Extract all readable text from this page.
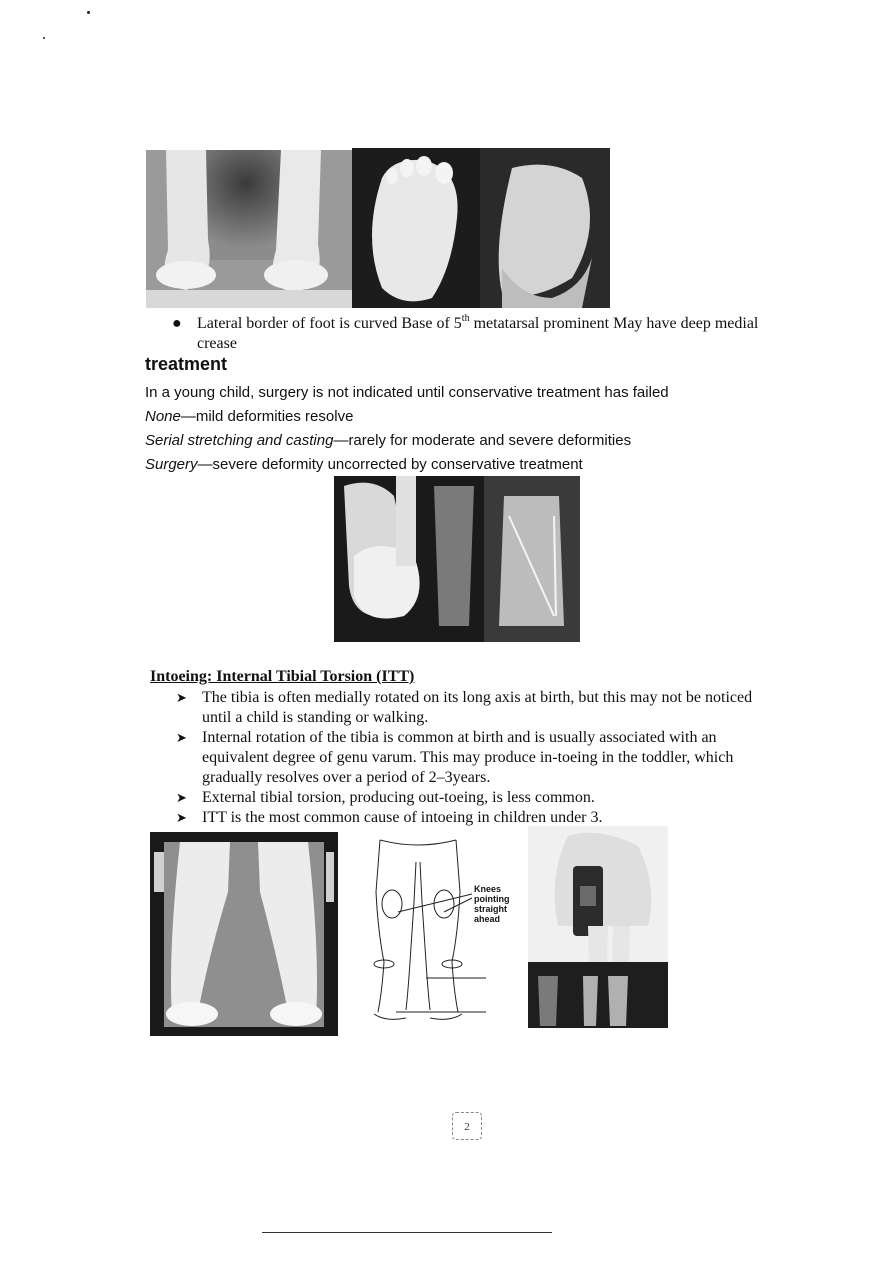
● Lateral border of foot is curved Base of 5th metatarsal prominent May have deep medial crease
treatment
In a young child, surgery is not indicated until conservative treatment has failed
None—mild deformities resolve
Serial stretching and casting—rarely for moderate and severe deformities
Surgery—severe deformity uncorrected by conservative treatment
Intoeing: Internal Tibial Torsion (ITT)
➤ The tibia is often medially rotated on its long axis at birth, but this may not be noticed until a child is standing or walking.
➤ Internal rotation of the tibia is common at birth and is usually associated with an equivalent degree of genu varum. This may produce in-toeing in the toddler, which gradually resolves over a period of 2–3years.
➤ External tibial torsion, producing out-toeing, is less common.
➤ ITT is the most common cause of intoeing in children under 3.
Knees
pointing
straight
ahead
2
